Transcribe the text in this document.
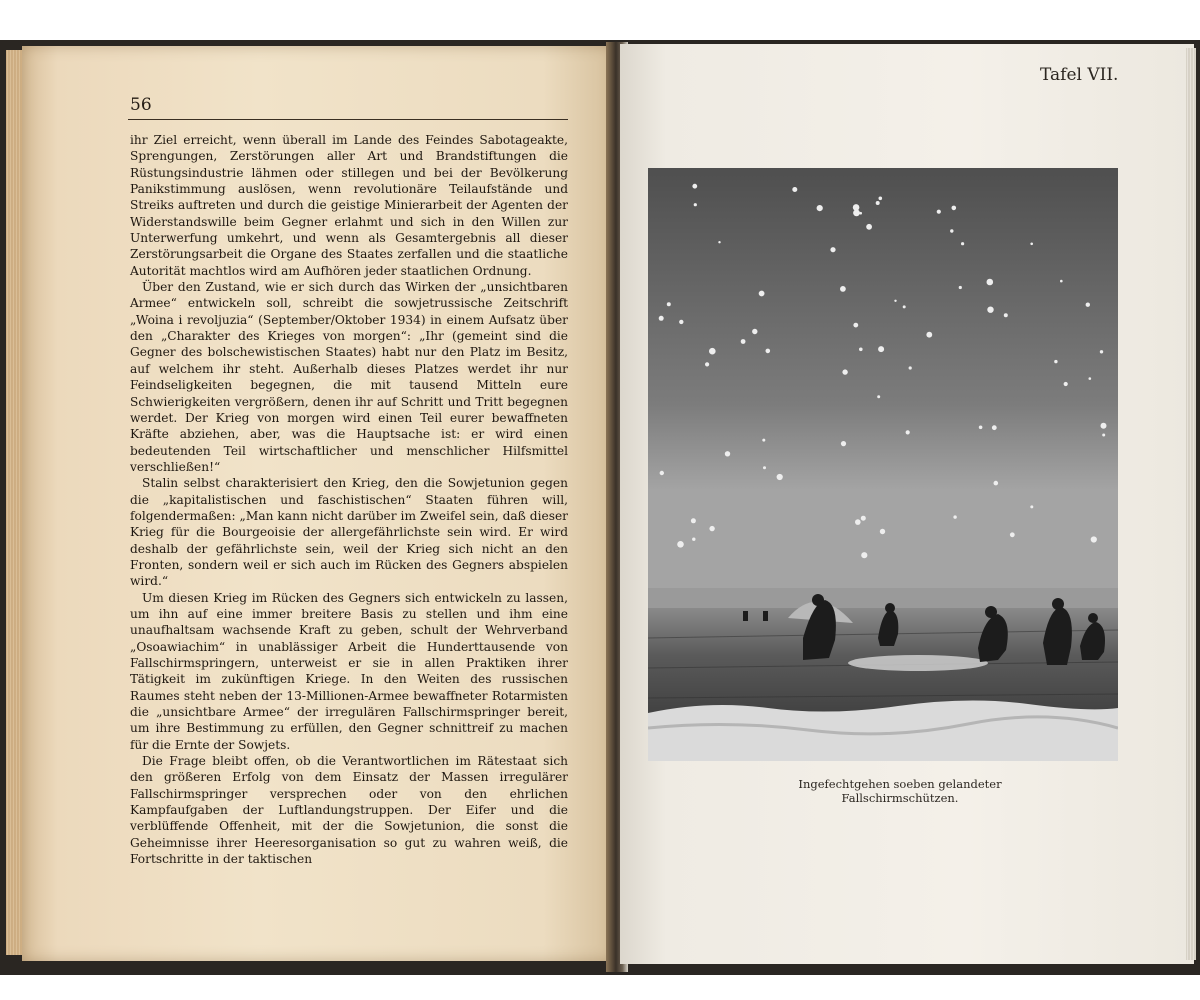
56

ihr Ziel erreicht, wenn überall im Lande des Feindes Sabotageakte, Sprengungen, Zerstörungen aller Art und Brandstiftungen die Rüstungsindustrie lähmen oder stillegen und bei der Bevölkerung Panikstimmung auslösen, wenn revolutionäre Teilaufstände und Streiks auftreten und durch die geistige Minierarbeit der Agenten der Widerstandswille beim Gegner erlahmt und sich in den Willen zur Unterwerfung umkehrt, und wenn als Gesamtergebnis all dieser Zerstörungsarbeit die Organe des Staates zerfallen und die staatliche Autorität machtlos wird am Aufhören jeder staatlichen Ordnung.

Über den Zustand, wie er sich durch das Wirken der „unsichtbaren Armee“ entwickeln soll, schreibt die sowjetrussische Zeitschrift „Woina i revoljuzia“ (September/Oktober 1934) in einem Aufsatz über den „Charakter des Krieges von morgen“: „Ihr (gemeint sind die Gegner des bolschewistischen Staates) habt nur den Platz im Besitz, auf welchem ihr steht. Außerhalb dieses Platzes werdet ihr nur Feindseligkeiten begegnen, die mit tausend Mitteln eure Schwierigkeiten vergrößern, denen ihr auf Schritt und Tritt begegnen werdet. Der Krieg von morgen wird einen Teil eurer bewaffneten Kräfte abziehen, aber, was die Hauptsache ist: er wird einen bedeutenden Teil wirtschaftlicher und menschlicher Hilfsmittel verschließen!“

Stalin selbst charakterisiert den Krieg, den die Sowjetunion gegen die „kapitalistischen und faschistischen“ Staaten führen will, folgendermaßen: „Man kann nicht darüber im Zweifel sein, daß dieser Krieg für die Bourgeoisie der allergefährlichste sein wird. Er wird deshalb der gefährlichste sein, weil der Krieg sich nicht an den Fronten, sondern weil er sich auch im Rücken des Gegners abspielen wird.“

Um diesen Krieg im Rücken des Gegners sich entwickeln zu lassen, um ihn auf eine immer breitere Basis zu stellen und ihm eine unaufhaltsam wachsende Kraft zu geben, schult der Wehrverband „Osoawiachim“ in unablässiger Arbeit die Hunderttausende von Fallschirmspringern, unterweist er sie in allen Praktiken ihrer Tätigkeit im zukünftigen Kriege. In den Weiten des russischen Raumes steht neben der 13-Millionen-Armee bewaffneter Rotarmisten die „unsichtbare Armee“ der irregulären Fallschirmspringer bereit, um ihre Bestimmung zu erfüllen, den Gegner schnittreif zu machen für die Ernte der Sowjets.

Die Frage bleibt offen, ob die Verantwortlichen im Rätestaat sich den größeren Erfolg von dem Einsatz der Massen irregulärer Fallschirmspringer versprechen oder von den ehrlichen Kampfaufgaben der Luftlandungstruppen. Der Eifer und die verblüffende Offenheit, mit der die Sowjetunion, die sonst die Geheimnisse ihrer Heeresorganisation so gut zu wahren weiß, die Fortschritte in der taktischen

Tafel VII.
Ingefechtgehen soeben gelandeter Fallschirmschützen.
